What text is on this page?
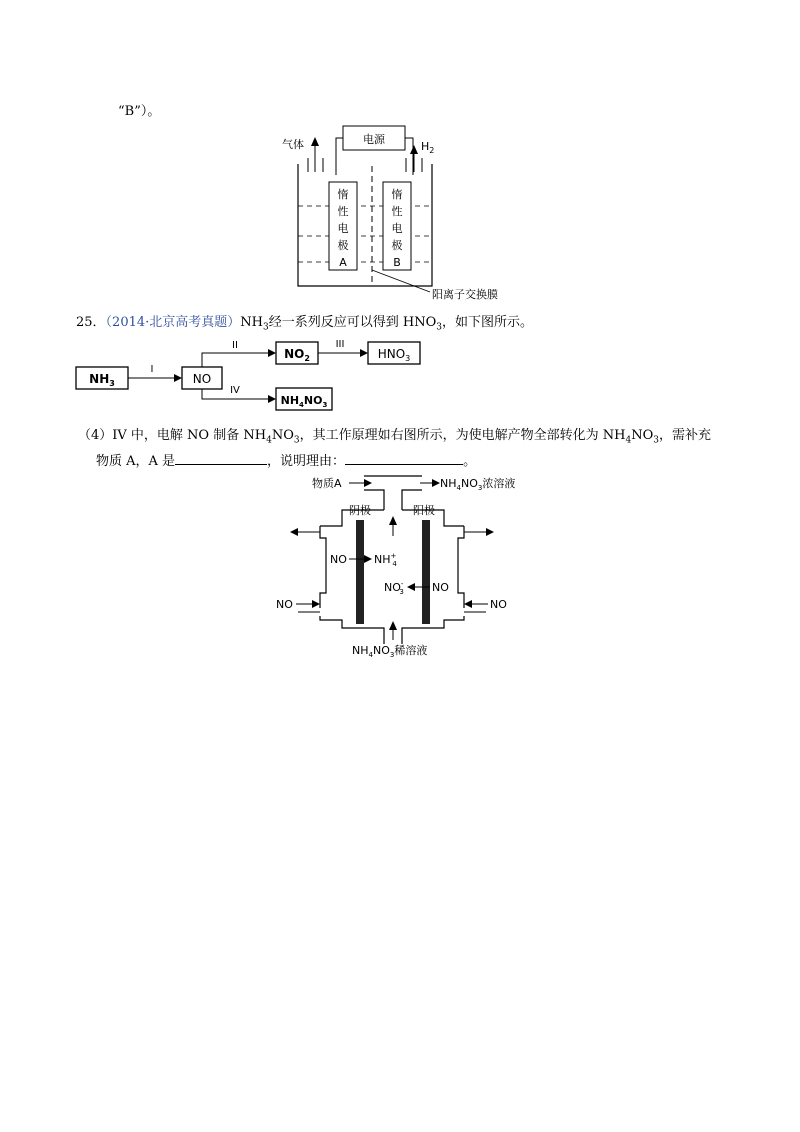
“B”）。
电源
气体	$H_2$
阳离子交换膜
惰
性
电
极
A
惰
性
电
极
B
25．（2014·北京高考真题）$NH_3$经一系列反应可以得到 $HNO_3$，如下图所示。
$NH_3$
I
NO
II
IV
$NO_2$
III
$HNO_3$
$NH_4NO_3$
（4）IV 中，电解 NO 制备 $NH_4NO_3$，其工作原理如右图所示，为使电解产物全部转化为 $NH_4NO_3$，需补充
物质 A，A 是	，说明理由：	。
物质A	$NH_4NO_3$浓溶液
阴极	阳极
NO NH+ 4
NO-3	NO
NO	NO
$NH_4NO_3$稀溶液
